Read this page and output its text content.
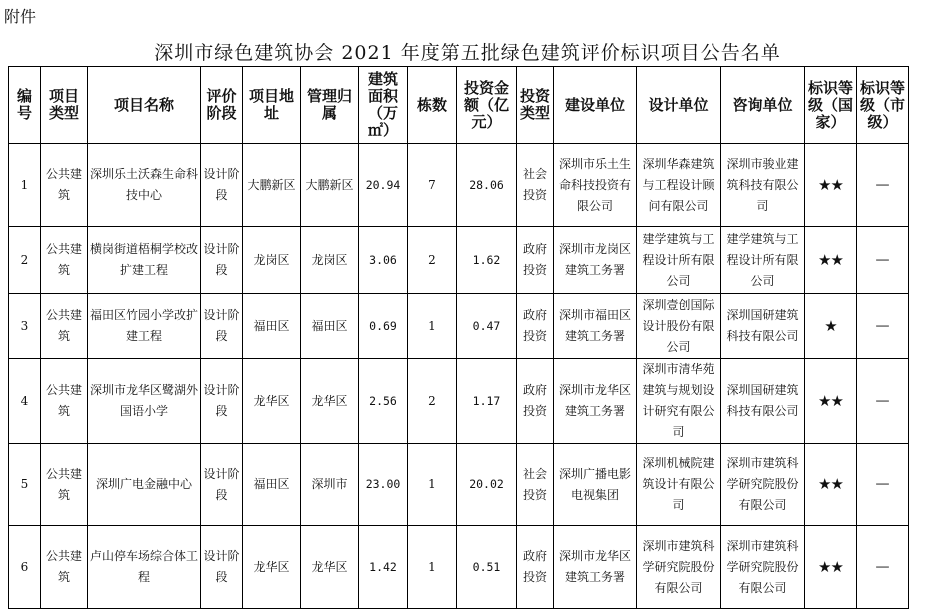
附件
深圳市绿色建筑协会 2021 年度第五批绿色建筑评价标识项目公告名单
编号	项目类型	项目名称	评价阶段	项目地址	管理归属	建筑面积（万㎡）	栋数	投资金额（亿元）	投资类型	建设单位	设计单位	咨询单位	标识等级（国家）	标识等级（市级）
1	公共建筑	深圳乐土沃森生命科技中心	设计阶段	大鹏新区	大鹏新区	20.94	7	28.06	社会投资	深圳市乐土生命科技投资有限公司	深圳华森建筑与工程设计顾问有限公司	深圳市骏业建筑科技有限公司	★★	—
2	公共建筑	横岗街道梧桐学校改扩建工程	设计阶段	龙岗区	龙岗区	3.06	2	1.62	政府投资	深圳市龙岗区建筑工务署	建学建筑与工程设计所有限公司	建学建筑与工程设计所有限公司	★★	—
3	公共建筑	福田区竹园小学改扩建工程	设计阶段	福田区	福田区	0.69	1	0.47	政府投资	深圳市福田区建筑工务署	深圳壹创国际设计股份有限公司	深圳国研建筑科技有限公司	★	—
4	公共建筑	深圳市龙华区鹭湖外国语小学	设计阶段	龙华区	龙华区	2.56	2	1.17	政府投资	深圳市龙华区建筑工务署	深圳市清华苑建筑与规划设计研究有限公司	深圳国研建筑科技有限公司	★★	—
5	公共建筑	深圳广电金融中心	设计阶段	福田区	深圳市	23.00	1	20.02	社会投资	深圳广播电影电视集团	深圳机械院建筑设计有限公司	深圳市建筑科学研究院股份有限公司	★★	—
6	公共建筑	卢山停车场综合体工程	设计阶段	龙华区	龙华区	1.42	1	0.51	政府投资	深圳市龙华区建筑工务署	深圳市建筑科学研究院股份有限公司	深圳市建筑科学研究院股份有限公司	★★	—
